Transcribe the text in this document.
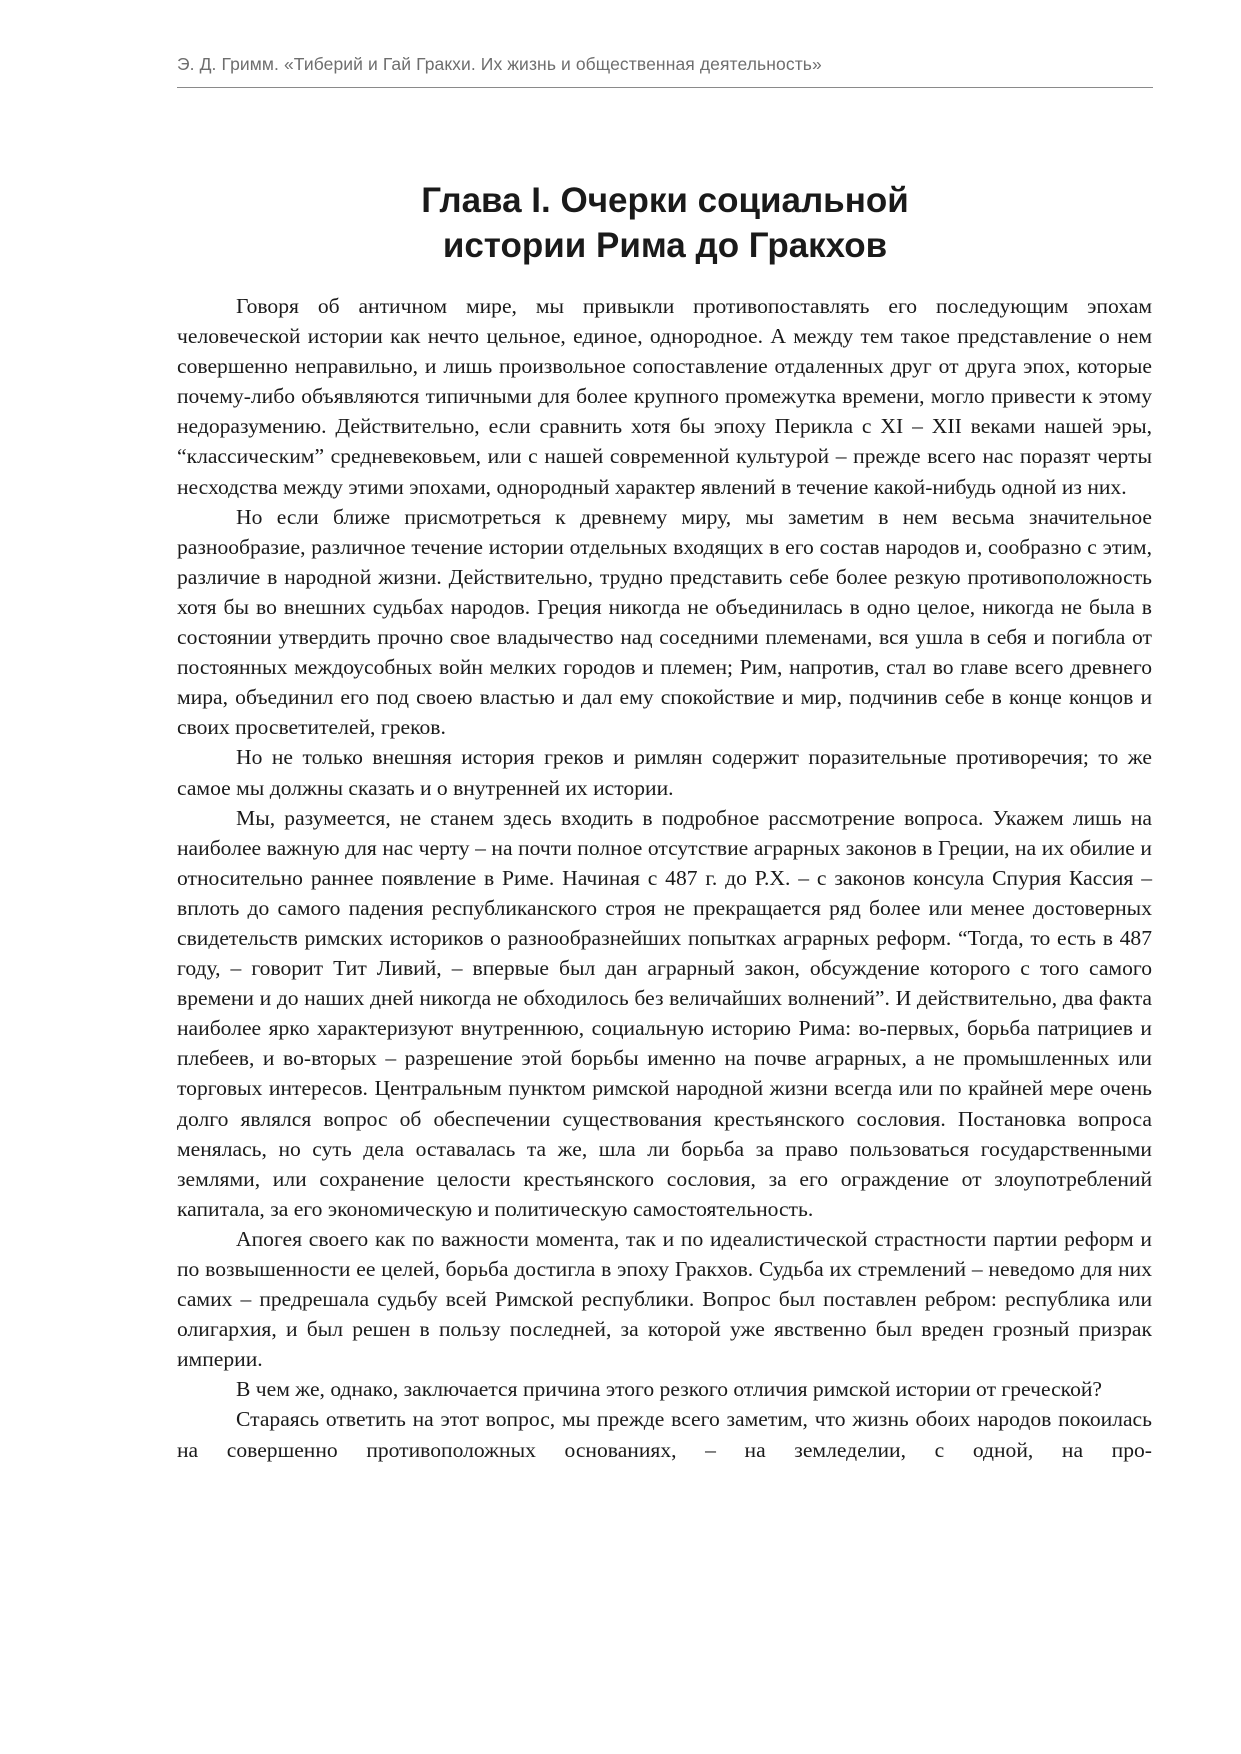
Э. Д. Гримм. «Тиберий и Гай Гракхи. Их жизнь и общественная деятельность»
Глава I. Очерки социальной
истории Рима до Гракхов

Говоря об античном мире, мы привыкли противопоставлять его последующим эпохам человеческой истории как нечто цельное, единое, однородное. А между тем такое представление о нем совершенно неправильно, и лишь произвольное сопоставление отдаленных друг от друга эпох, которые почему-либо объявляются типичными для более крупного промежутка времени, могло привести к этому недоразумению. Действительно, если сравнить хотя бы эпоху Перикла с XI – XII веками нашей эры, “классическим” средневековьем, или с нашей современной культурой – прежде всего нас поразят черты несходства между этими эпохами, однородный характер явлений в течение какой-нибудь одной из них.

Но если ближе присмотреться к древнему миру, мы заметим в нем весьма значительное разнообразие, различное течение истории отдельных входящих в его состав народов и, сообразно с этим, различие в народной жизни. Действительно, трудно представить себе более резкую противоположность хотя бы во внешних судьбах народов. Греция никогда не объединилась в одно целое, никогда не была в состоянии утвердить прочно свое владычество над соседними племенами, вся ушла в себя и погибла от постоянных междоусобных войн мелких городов и племен; Рим, напротив, стал во главе всего древнего мира, объединил его под своею властью и дал ему спокойствие и мир, подчинив себе в конце концов и своих просветителей, греков.

Но не только внешняя история греков и римлян содержит поразительные противоречия; то же самое мы должны сказать и о внутренней их истории.

Мы, разумеется, не станем здесь входить в подробное рассмотрение вопроса. Укажем лишь на наиболее важную для нас черту – на почти полное отсутствие аграрных законов в Греции, на их обилие и относительно раннее появление в Риме. Начиная с 487 г. до Р.Х. – с законов консула Спурия Кассия – вплоть до самого падения республиканского строя не прекращается ряд более или менее достоверных свидетельств римских историков о разнообразнейших попытках аграрных реформ. “Тогда, то есть в 487 году, – говорит Тит Ливий, – впервые был дан аграрный закон, обсуждение которого с того самого времени и до наших дней никогда не обходилось без величайших волнений”. И действительно, два факта наиболее ярко характеризуют внутреннюю, социальную историю Рима: во-первых, борьба патрициев и плебеев, и во-вторых – разрешение этой борьбы именно на почве аграрных, а не промышленных или торговых интересов. Центральным пунктом римской народной жизни всегда или по крайней мере очень долго являлся вопрос об обеспечении существования крестьянского сословия. Постановка вопроса менялась, но суть дела оставалась та же, шла ли борьба за право пользоваться государственными землями, или сохранение целости крестьянского сословия, за его ограждение от злоупотреблений капитала, за его экономическую и политическую самостоятельность.

Апогея своего как по важности момента, так и по идеалистической страстности партии реформ и по возвышенности ее целей, борьба достигла в эпоху Гракхов. Судьба их стремлений – неведомо для них самих – предрешала судьбу всей Римской республики. Вопрос был поставлен ребром: республика или олигархия, и был решен в пользу последней, за которой уже явственно был вреден грозный призрак империи.

В чем же, однако, заключается причина этого резкого отличия римской истории от греческой?

Стараясь ответить на этот вопрос, мы прежде всего заметим, что жизнь обоих народов покоилась на совершенно противоположных основаниях, – на земледелии, с одной, на про-
